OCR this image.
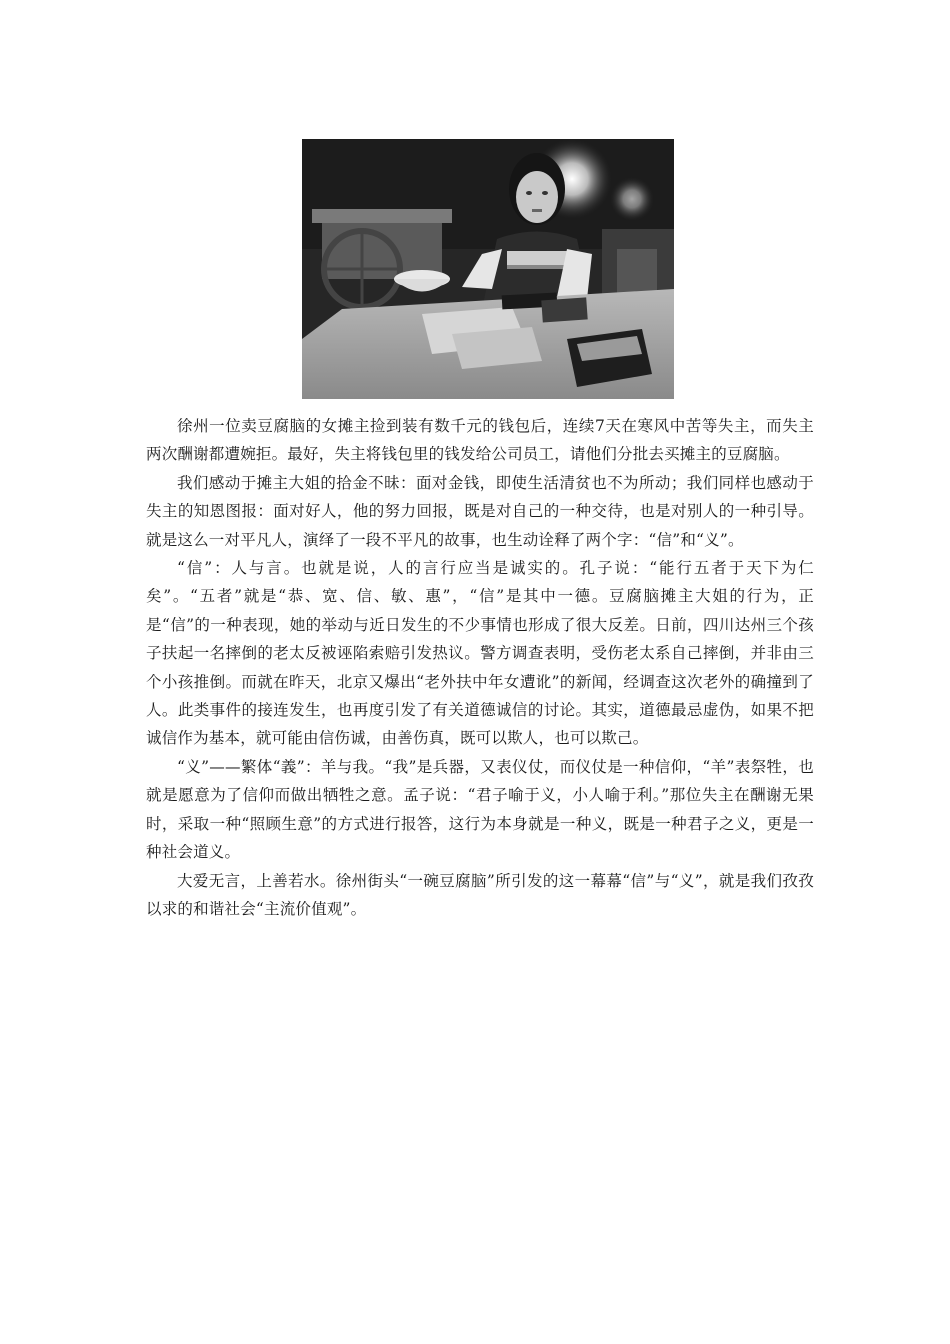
徐州一位卖豆腐脑的女摊主捡到装有数千元的钱包后，连续7天在寒风中苦等失主，而失主两次酬谢都遭婉拒。最好，失主将钱包里的钱发给公司员工，请他们分批去买摊主的豆腐脑。

我们感动于摊主大姐的拾金不昧：面对金钱，即使生活清贫也不为所动；我们同样也感动于失主的知恩图报：面对好人，他的努力回报，既是对自己的一种交待，也是对别人的一种引导。就是这么一对平凡人，演绎了一段不平凡的故事，也生动诠释了两个字：“信”和“义”。

“信”：人与言。也就是说，人的言行应当是诚实的。孔子说：“能行五者于天下为仁矣”。“五者”就是“恭、宽、信、敏、惠”，“信”是其中一德。豆腐脑摊主大姐的行为，正是“信”的一种表现，她的举动与近日发生的不少事情也形成了很大反差。日前，四川达州三个孩子扶起一名摔倒的老太反被诬陷索赔引发热议。警方调查表明，受伤老太系自己摔倒，并非由三个小孩推倒。而就在昨天，北京又爆出“老外扶中年女遭讹”的新闻，经调查这次老外的确撞到了人。此类事件的接连发生，也再度引发了有关道德诚信的讨论。其实，道德最忌虚伪，如果不把诚信作为基本，就可能由信伤诚，由善伤真，既可以欺人，也可以欺己。

“义”——繁体“義”：羊与我。“我”是兵器，又表仪仗，而仪仗是一种信仰，“羊”表祭牲，也就是愿意为了信仰而做出牺牲之意。孟子说：“君子喻于义，小人喻于利。”那位失主在酬谢无果时，采取一种“照顾生意”的方式进行报答，这行为本身就是一种义，既是一种君子之义，更是一种社会道义。

大爱无言，上善若水。徐州街头“一碗豆腐脑”所引发的这一幕幕“信”与“义”，就是我们孜孜以求的和谐社会“主流价值观”。
